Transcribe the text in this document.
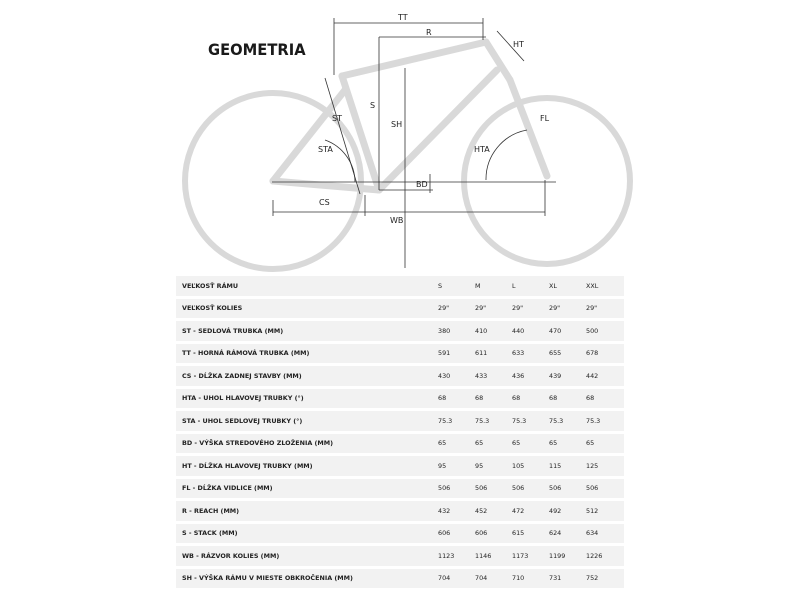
GEOMETRIA
TT
R
HT
S
ST
SH
FL
STA	HTA
BD
CS
WB
VEĽKOSŤ RÁMU	S	M	L	XL	XXL
VEĽKOSŤ KOLIES	29"	29"	29"	29"	29"
ST - SEDLOVÁ TRUBKA (MM)	380	410	440	470	500
TT - HORNÁ RÁMOVÁ TRUBKA (MM)	591	611	633	655	678
CS - DĹŽKA ZADNEJ STAVBY (MM)	430	433	436	439	442
HTA - UHOL HLAVOVEJ TRUBKY (°)	68	68	68	68	68
STA - UHOL SEDLOVEJ TRUBKY (°)	75.3	75.3	75.3	75.3	75.3
BD - VÝŠKA STREDOVÉHO ZLOŽENIA (MM)	65	65	65	65	65
HT - DĹŽKA HLAVOVEJ TRUBKY (MM)	95	95	105	115	125
FL - DĹŽKA VIDLICE (MM)	506	506	506	506	506
R - REACH (MM)	432	452	472	492	512
S - STACK (MM)	606	606	615	624	634
WB - RÁZVOR KOLIES (MM)	1123	1146	1173	1199	1226
SH - VÝŠKA RÁMU V MIESTE OBKROČENIA (MM)	704	704	710	731	752
